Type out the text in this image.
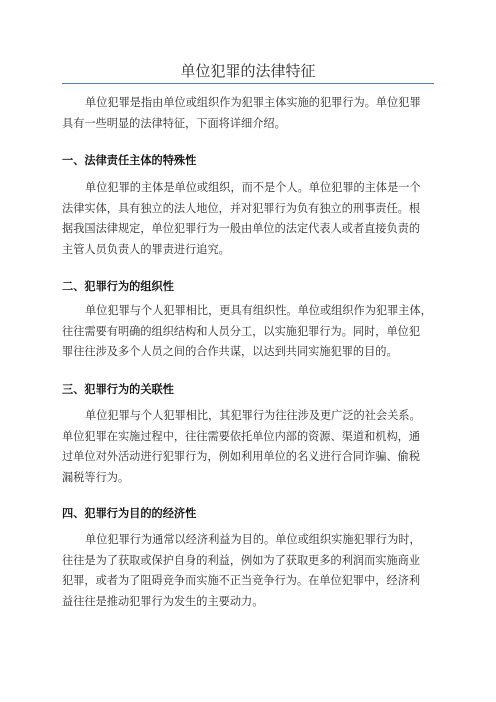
单位犯罪的法律特征

单位犯罪是指由单位或组织作为犯罪主体实施的犯罪行为。单位犯罪
具有一些明显的法律特征，下面将详细介绍。

一、法律责任主体的特殊性

单位犯罪的主体是单位或组织，而不是个人。单位犯罪的主体是一个
法律实体，具有独立的法人地位，并对犯罪行为负有独立的刑事责任。根
据我国法律规定，单位犯罪行为一般由单位的法定代表人或者直接负责的
主管人员负责人的罪责进行追究。

二、犯罪行为的组织性

单位犯罪与个人犯罪相比，更具有组织性。单位或组织作为犯罪主体，
往往需要有明确的组织结构和人员分工，以实施犯罪行为。同时，单位犯
罪往往涉及多个人员之间的合作共谋，以达到共同实施犯罪的目的。

三、犯罪行为的关联性

单位犯罪与个人犯罪相比，其犯罪行为往往涉及更广泛的社会关系。
单位犯罪在实施过程中，往往需要依托单位内部的资源、渠道和机构，通
过单位对外活动进行犯罪行为，例如利用单位的名义进行合同诈骗、偷税
漏税等行为。

四、犯罪行为目的的经济性

单位犯罪行为通常以经济利益为目的。单位或组织实施犯罪行为时，
往往是为了获取或保护自身的利益，例如为了获取更多的利润而实施商业
犯罪，或者为了阻碍竞争而实施不正当竞争行为。在单位犯罪中，经济利
益往往是推动犯罪行为发生的主要动力。
